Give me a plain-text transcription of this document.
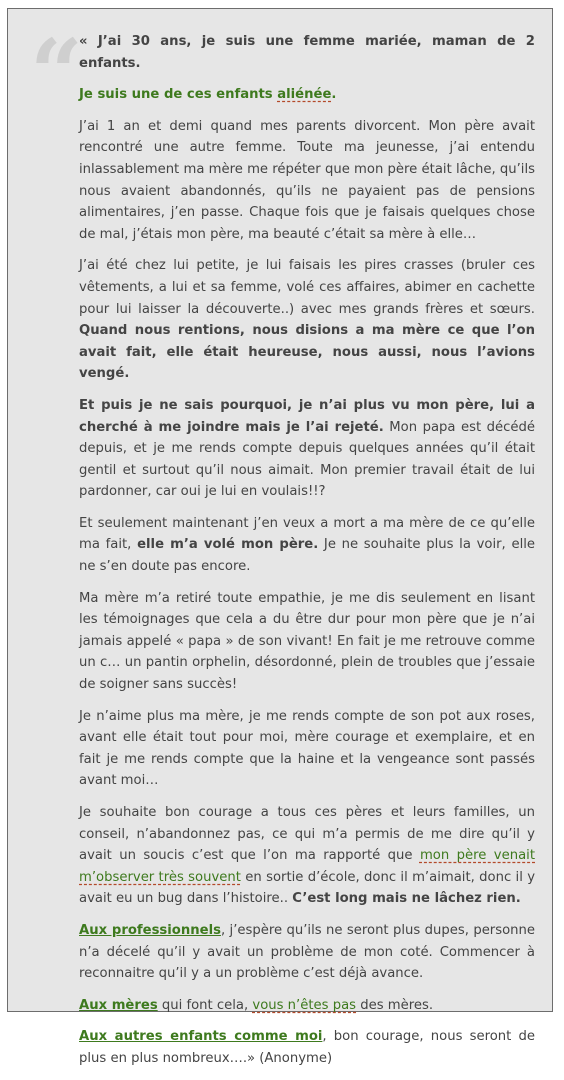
“

« J’ai 30 ans, je suis une femme mariée, maman de 2 enfants.

Je suis une de ces enfants aliénée.

J’ai 1 an et demi quand mes parents divorcent. Mon père avait rencontré une autre femme. Toute ma jeunesse, j’ai entendu inlassablement ma mère me répéter que mon père était lâche, qu’ils nous avaient abandonnés, qu’ils ne payaient pas de pensions alimentaires, j’en passe. Chaque fois que je faisais quelques chose de mal, j’étais mon père, ma beauté c’était sa mère à elle…

J’ai été chez lui petite, je lui faisais les pires crasses (bruler ces vêtements, a lui et sa femme, volé ces affaires, abimer en cachette pour lui laisser la découverte..) avec mes grands frères et sœurs. Quand nous rentions, nous disions a ma mère ce que l’on avait fait, elle était heureuse, nous aussi, nous l’avions vengé.

Et puis je ne sais pourquoi, je n’ai plus vu mon père, lui a cherché à me joindre mais je l’ai rejeté. Mon papa est décédé depuis, et je me rends compte depuis quelques années qu’il était gentil et surtout qu’il nous aimait. Mon premier travail était de lui pardonner, car oui je lui en voulais!!?

Et seulement maintenant j’en veux a mort a ma mère de ce qu’elle ma fait, elle m’a volé mon père. Je ne souhaite plus la voir, elle ne s’en doute pas encore.

Ma mère m’a retiré toute empathie, je me dis seulement en lisant les témoignages que cela a du être dur pour mon père que je n’ai jamais appelé « papa » de son vivant! En fait je me retrouve comme un c… un pantin orphelin, désordonné, plein de troubles que j’essaie de soigner sans succès!

Je n’aime plus ma mère, je me rends compte de son pot aux roses, avant elle était tout pour moi, mère courage et exemplaire, et en fait je me rends compte que la haine et la vengeance sont passés avant moi…

Je souhaite bon courage a tous ces pères et leurs familles, un conseil, n’abandonnez pas, ce qui m’a permis de me dire qu’il y avait un soucis c’est que l’on ma rapporté que mon père venait m’observer très souvent en sortie d’école, donc il m’aimait, donc il y avait eu un bug dans l’histoire.. C’est long mais ne lâchez rien.

Aux professionnels, j’espère qu’ils ne seront plus dupes, personne n’a décelé qu’il y avait un problème de mon coté. Commencer à reconnaitre qu’il y a un problème c’est déjà avance.

Aux mères qui font cela, vous n’êtes pas des mères.

Aux autres enfants comme moi, bon courage, nous seront de plus en plus nombreux….» (Anonyme)
